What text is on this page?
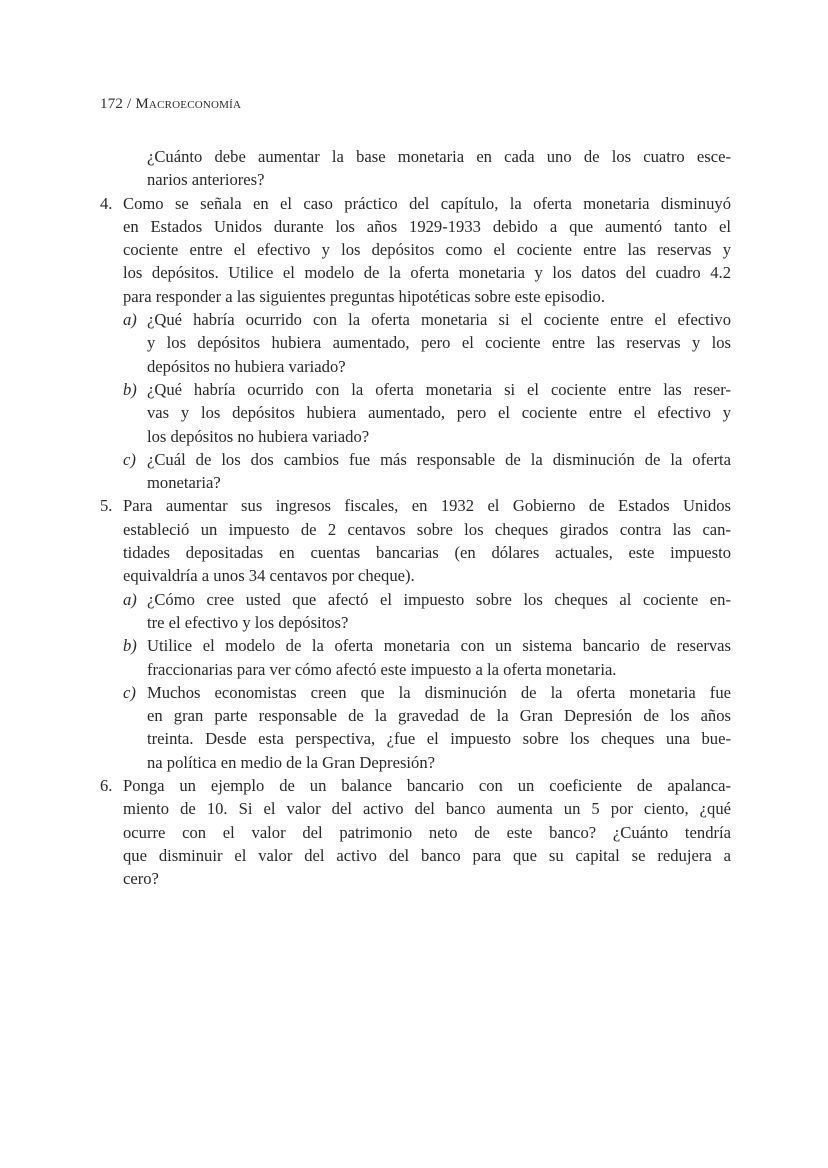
172 / Macroeconomía
¿Cuánto debe aumentar la base monetaria en cada uno de los cuatro esce-
narios anteriores?
4. Como se señala en el caso práctico del capítulo, la oferta monetaria disminuyó
en Estados Unidos durante los años 1929-1933 debido a que aumentó tanto el
cociente entre el efectivo y los depósitos como el cociente entre las reservas y
los depósitos. Utilice el modelo de la oferta monetaria y los datos del cuadro 4.2
para responder a las siguientes preguntas hipotéticas sobre este episodio.
a) ¿Qué habría ocurrido con la oferta monetaria si el cociente entre el efectivo
y los depósitos hubiera aumentado, pero el cociente entre las reservas y los
depósitos no hubiera variado?
b) ¿Qué habría ocurrido con la oferta monetaria si el cociente entre las reser-
vas y los depósitos hubiera aumentado, pero el cociente entre el efectivo y
los depósitos no hubiera variado?
c) ¿Cuál de los dos cambios fue más responsable de la disminución de la oferta
monetaria?
5. Para aumentar sus ingresos fiscales, en 1932 el Gobierno de Estados Unidos
estableció un impuesto de 2 centavos sobre los cheques girados contra las can-
tidades depositadas en cuentas bancarias (en dólares actuales, este impuesto
equivaldría a unos 34 centavos por cheque).
a) ¿Cómo cree usted que afectó el impuesto sobre los cheques al cociente en-
tre el efectivo y los depósitos?
b) Utilice el modelo de la oferta monetaria con un sistema bancario de reservas
fraccionarias para ver cómo afectó este impuesto a la oferta monetaria.
c) Muchos economistas creen que la disminución de la oferta monetaria fue
en gran parte responsable de la gravedad de la Gran Depresión de los años
treinta. Desde esta perspectiva, ¿fue el impuesto sobre los cheques una bue-
na política en medio de la Gran Depresión?
6. Ponga un ejemplo de un balance bancario con un coeficiente de apalanca-
miento de 10. Si el valor del activo del banco aumenta un 5 por ciento, ¿qué
ocurre con el valor del patrimonio neto de este banco? ¿Cuánto tendría
que disminuir el valor del activo del banco para que su capital se redujera a
cero?
